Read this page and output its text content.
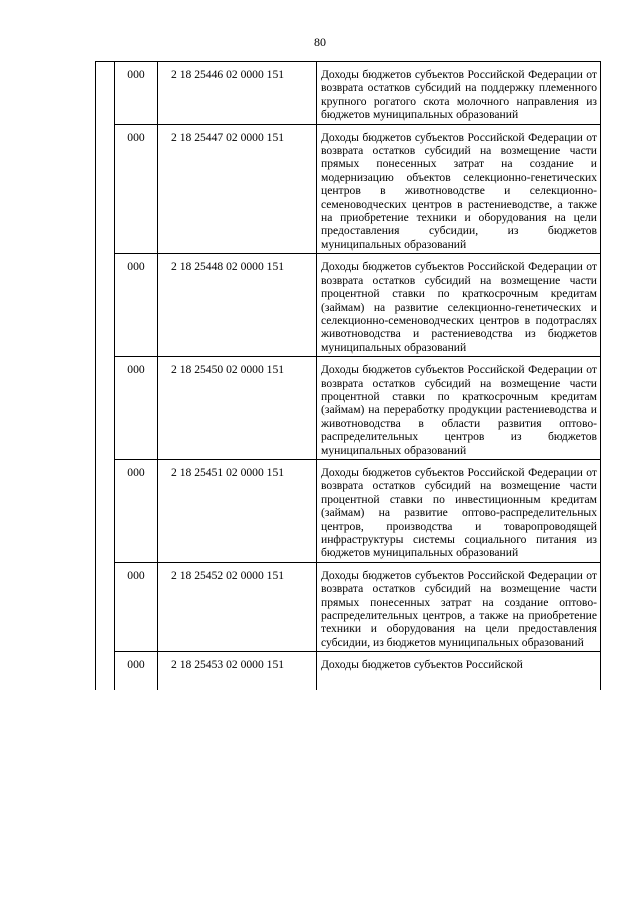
80
	000	2 18 25446 02 0000 151	Доходы бюджетов субъектов Российской Федерации от возврата остатков субсидий на поддержку племенного крупного рогатого скота молочного направления из бюджетов муниципальных образований
	000	2 18 25447 02 0000 151	Доходы бюджетов субъектов Российской Федерации от возврата остатков субсидий на возмещение части прямых понесенных затрат на создание и модернизацию объектов селекционно-генетических центров в животноводстве и селекционно-семеноводческих центров в растениеводстве, а также на приобретение техники и оборудования на цели предоставления субсидии, из бюджетов муниципальных образований
	000	2 18 25448 02 0000 151	Доходы бюджетов субъектов Российской Федерации от возврата остатков субсидий на возмещение части процентной ставки по краткосрочным кредитам (займам) на развитие селекционно-генетических и селекционно-семеноводческих центров в подотраслях животноводства и растениеводства из бюджетов муниципальных образований
	000	2 18 25450 02 0000 151	Доходы бюджетов субъектов Российской Федерации от возврата остатков субсидий на возмещение части процентной ставки по краткосрочным кредитам (займам) на переработку продукции растениеводства и животноводства в области развития оптово-распределительных центров из бюджетов муниципальных образований
	000	2 18 25451 02 0000 151	Доходы бюджетов субъектов Российской Федерации от возврата остатков субсидий на возмещение части процентной ставки по инвестиционным кредитам (займам) на развитие оптово-распределительных центров, производства и товаропроводящей инфраструктуры системы социального питания из бюджетов муниципальных образований
	000	2 18 25452 02 0000 151	Доходы бюджетов субъектов Российской Федерации от возврата остатков субсидий на возмещение части прямых понесенных затрат на создание оптово-распределительных центров, а также на приобретение техники и оборудования на цели предоставления субсидии, из бюджетов муниципальных образований
	000	2 18 25453 02 0000 151	Доходы бюджетов субъектов Российской
